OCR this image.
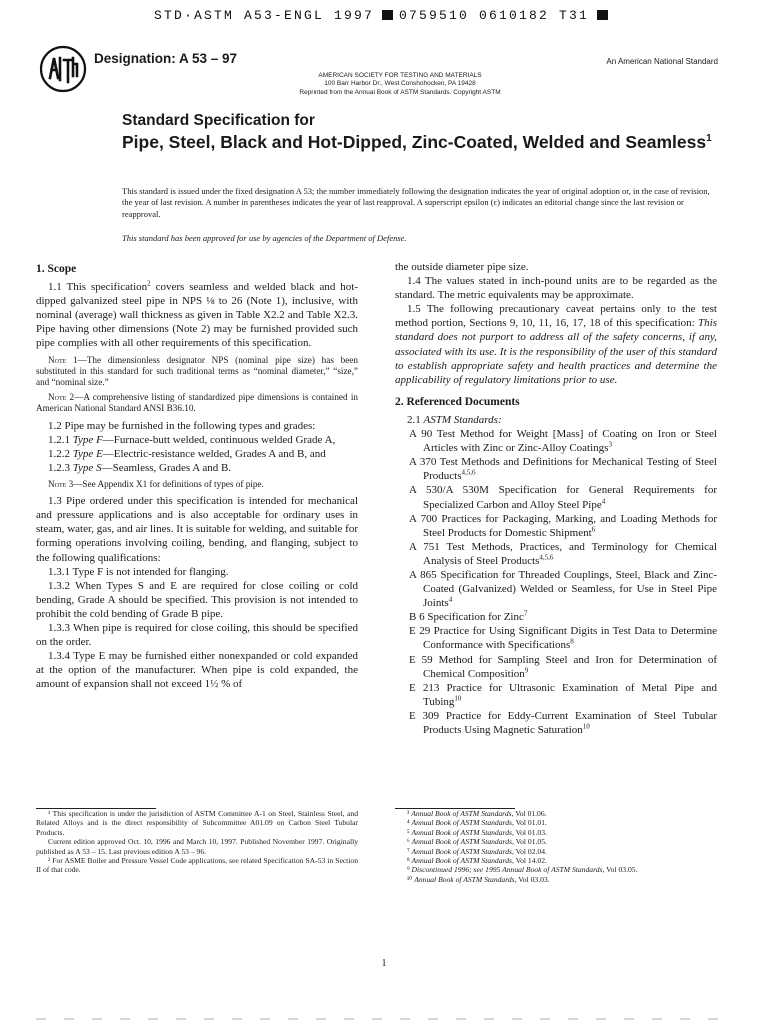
STD·ASTM A53-ENGL 1997 0759510 0610182 T31
Designation: A 53 – 97	An American National Standard
AMERICAN SOCIETY FOR TESTING AND MATERIALS
100 Barr Harbor Dr., West Conshohocken, PA 19428
Reprinted from the Annual Book of ASTM Standards. Copyright ASTM
Standard Specification for
Pipe, Steel, Black and Hot-Dipped, Zinc-Coated, Welded and Seamless$^1$
This standard is issued under the fixed designation A 53; the number immediately following the designation indicates the year of original adoption or, in the case of revision, the year of last revision. A number in parentheses indicates the year of last reapproval. A superscript epsilon (ε) indicates an editorial change since the last revision or reapproval.
This standard has been approved for use by agencies of the Department of Defense.
1. Scope

1.1 This specification$^2$ covers seamless and welded black and hot-dipped galvanized steel pipe in NPS ⅛ to 26 (Note 1), inclusive, with nominal (average) wall thickness as given in Table X2.2 and Table X2.3. Pipe having other dimensions (Note 2) may be furnished provided such pipe complies with all other requirements of this specification.

Note 1—The dimensionless designator NPS (nominal pipe size) has been substituted in this standard for such traditional terms as “nominal diameter,” “size,” and “nominal size.”
Note 2—A comprehensive listing of standardized pipe dimensions is contained in American National Standard ANSI B36.10.

1.2 Pipe may be furnished in the following types and grades:

1.2.1 Type F—Furnace-butt welded, continuous welded Grade A,

1.2.2 Type E—Electric-resistance welded, Grades A and B, and

1.2.3 Type S—Seamless, Grades A and B.

Note 3—See Appendix X1 for definitions of types of pipe.

1.3 Pipe ordered under this specification is intended for mechanical and pressure applications and is also acceptable for ordinary uses in steam, water, gas, and air lines. It is suitable for welding, and suitable for forming operations involving coiling, bending, and flanging, subject to the following qualifications:

1.3.1 Type F is not intended for flanging.

1.3.2 When Types S and E are required for close coiling or cold bending, Grade A should be specified. This provision is not intended to prohibit the cold bending of Grade B pipe.

1.3.3 When pipe is required for close coiling, this should be specified on the order.

1.3.4 Type E may be furnished either nonexpanded or cold expanded at the option of the manufacturer. When pipe is cold expanded, the amount of expansion shall not exceed 1½ % of

the outside diameter pipe size.

1.4 The values stated in inch-pound units are to be regarded as the standard. The metric equivalents may be approximate.

1.5 The following precautionary caveat pertains only to the test method portion, Sections 9, 10, 11, 16, 17, 18 of this specification: This standard does not purport to address all of the safety concerns, if any, associated with its use. It is the responsibility of the user of this standard to establish appropriate safety and health practices and determine the applicability of regulatory limitations prior to use.

2. Referenced Documents

2.1 ASTM Standards:

A 90 Test Method for Weight [Mass] of Coating on Iron or Steel Articles with Zinc or Zinc-Alloy Coatings$^3$

A 370 Test Methods and Definitions for Mechanical Testing of Steel Products$^{4,5,6}$

A 530/A 530M Specification for General Requirements for Specialized Carbon and Alloy Steel Pipe$^4$

A 700 Practices for Packaging, Marking, and Loading Methods for Steel Products for Domestic Shipment$^6$

A 751 Test Methods, Practices, and Terminology for Chemical Analysis of Steel Products$^{4,5,6}$

A 865 Specification for Threaded Couplings, Steel, Black and Zinc-Coated (Galvanized) Welded or Seamless, for Use in Steel Pipe Joints$^4$

B 6 Specification for Zinc$^7$

E 29 Practice for Using Significant Digits in Test Data to Determine Conformance with Specifications$^8$

E 59 Method for Sampling Steel and Iron for Determination of Chemical Composition$^9$

E 213 Practice for Ultrasonic Examination of Metal Pipe and Tubing$^{10}$

E 309 Practice for Eddy-Current Examination of Steel Tubular Products Using Magnetic Saturation$^{10}$

¹ This specification is under the jurisdiction of ASTM Committee A-1 on Steel, Stainless Steel, and Related Alloys and is the direct responsibility of Subcommittee A01.09 on Carbon Steel Tubular Products.

Current edition approved Oct. 10, 1996 and March 10, 1997. Published November 1997. Originally published as A 53 – 15. Last previous edition A 53 – 96.

² For ASME Boiler and Pressure Vessel Code applications, see related Specification SA-53 in Section II of that code.

³ Annual Book of ASTM Standards, Vol 01.06.

⁴ Annual Book of ASTM Standards, Vol 01.01.

⁵ Annual Book of ASTM Standards, Vol 01.03.

⁶ Annual Book of ASTM Standards, Vol 01.05.

⁷ Annual Book of ASTM Standards, Vol 02.04.

⁸ Annual Book of ASTM Standards, Vol 14.02.

⁹ Discontinued 1996; see 1995 Annual Book of ASTM Standards, Vol 03.05.

¹⁰ Annual Book of ASTM Standards, Vol 03.03.

1
